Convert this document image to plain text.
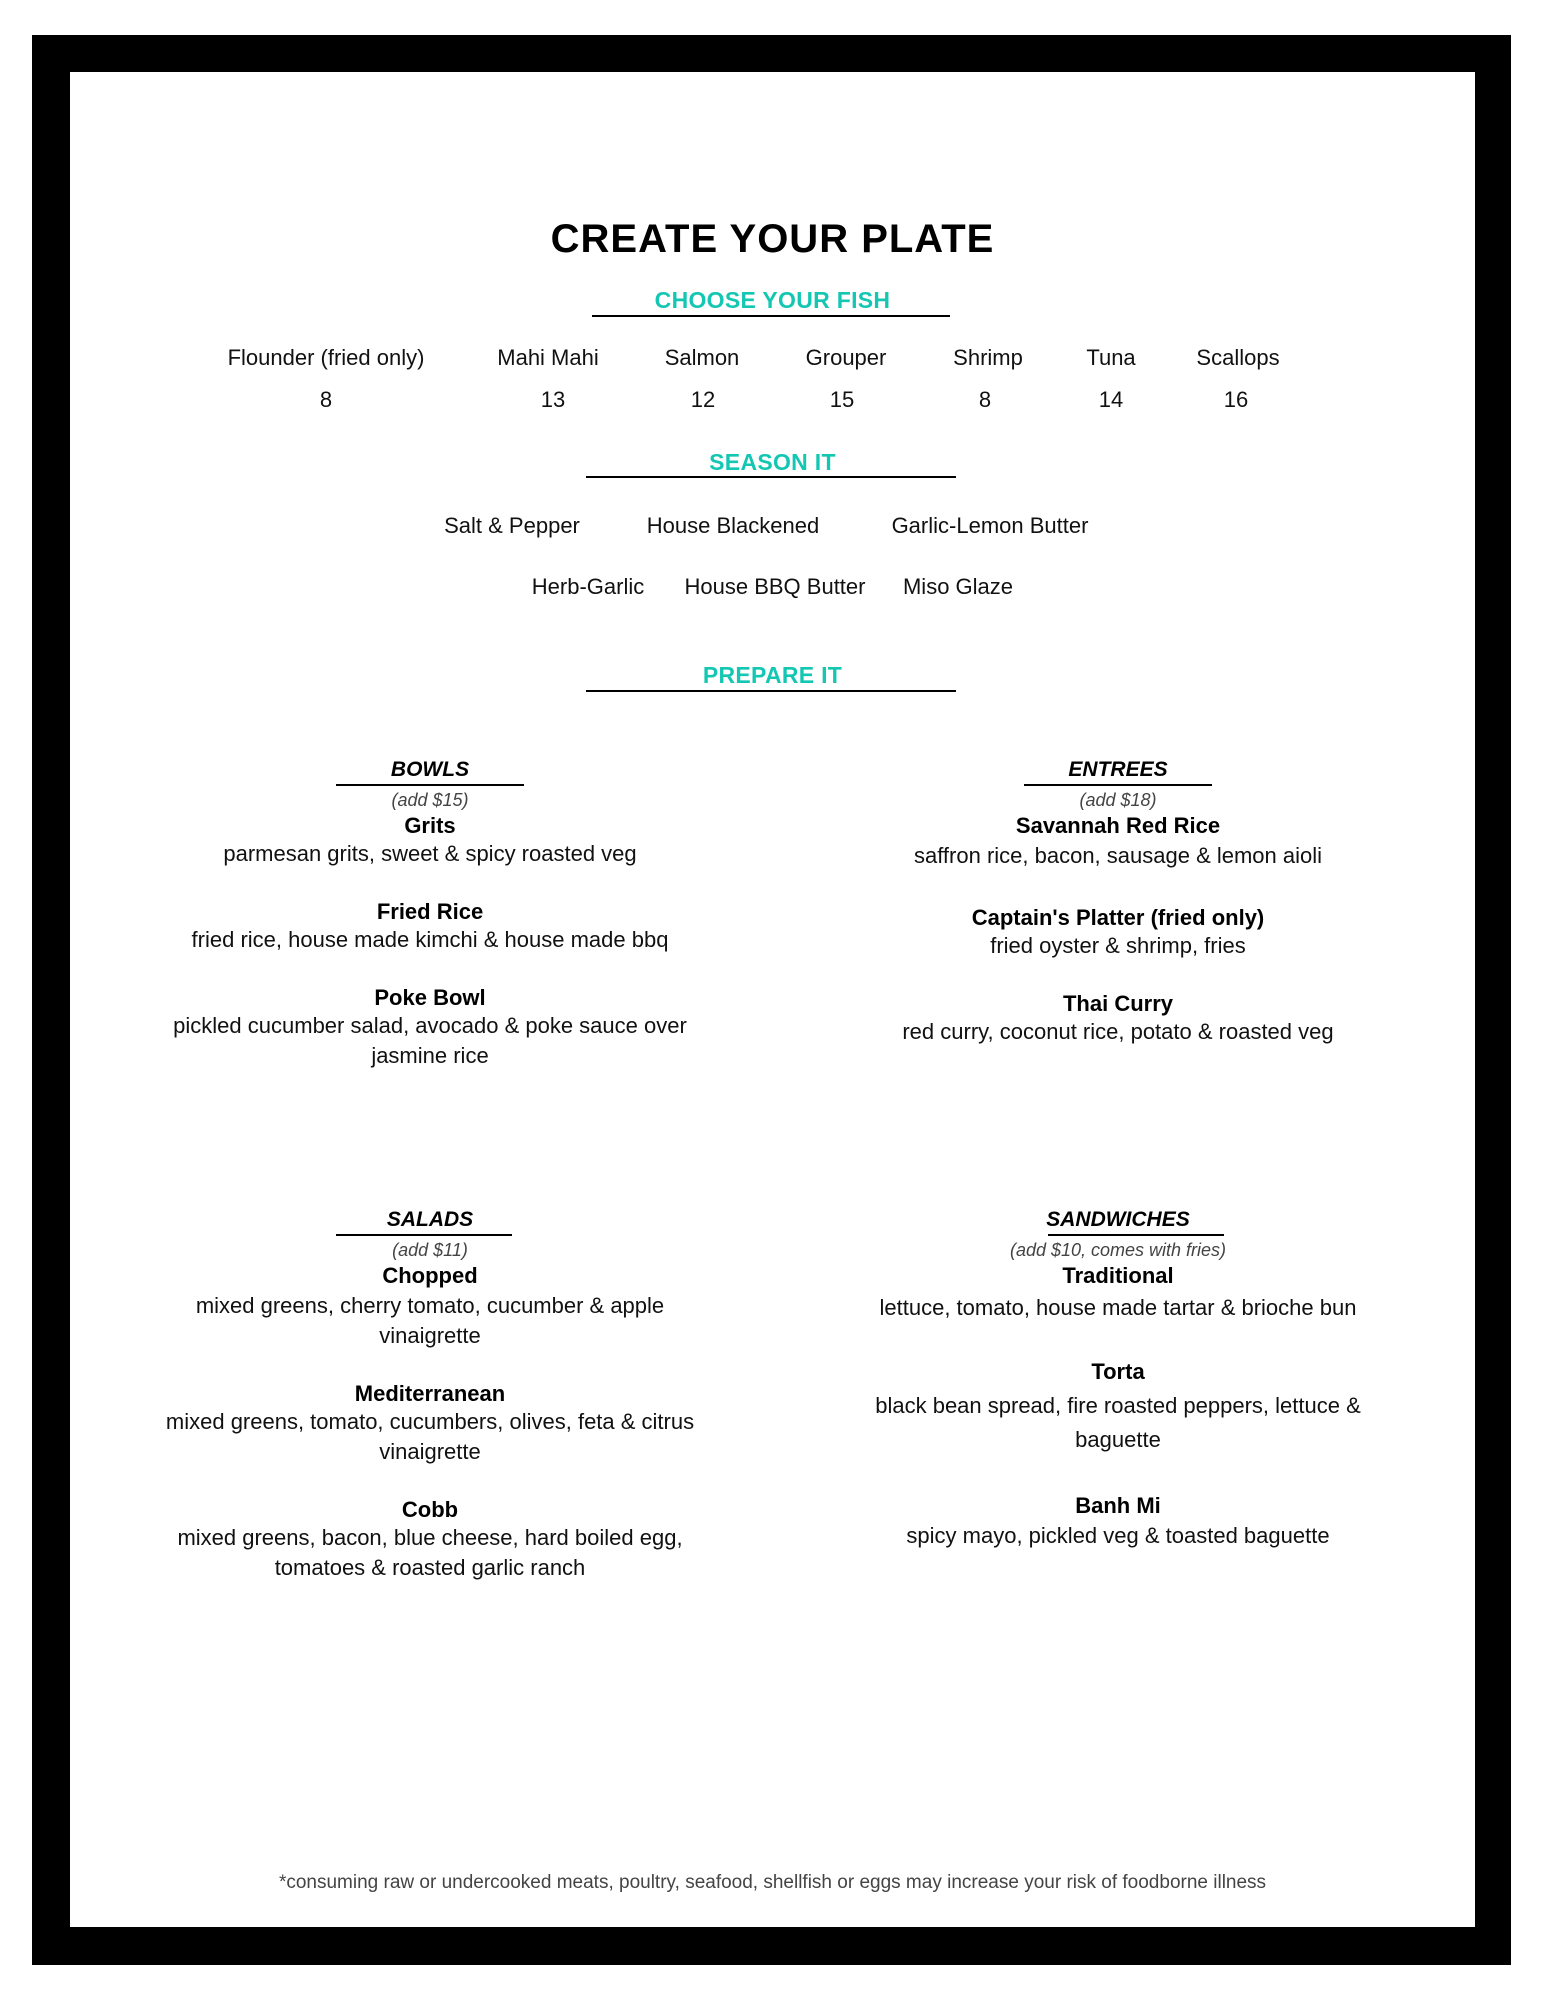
CREATE YOUR PLATE
CHOOSE YOUR FISH
Flounder (fried only)
8
Mahi Mahi
13
Salmon
12
Grouper
15
Shrimp
8
Tuna
14
Scallops
16
SEASON IT
Salt & Pepper	House Blackened	Garlic-Lemon Butter
Herb-Garlic House BBQ Butter Miso Glaze
PREPARE IT
BOWLS
(add $15)
Grits
parmesan grits, sweet & spicy roasted veg
Fried Rice
fried rice, house made kimchi & house made bbq
Poke Bowl
pickled cucumber salad, avocado & poke sauce over jasmine rice
ENTREES
(add $18)
Savannah Red Rice
saffron rice, bacon, sausage & lemon aioli
Captain's Platter (fried only)
fried oyster & shrimp, fries
Thai Curry
red curry, coconut rice, potato & roasted veg
SALADS
(add $11)
Chopped
mixed greens, cherry tomato, cucumber & apple vinaigrette
Mediterranean
mixed greens, tomato, cucumbers, olives, feta & citrus vinaigrette
Cobb
mixed greens, bacon, blue cheese, hard boiled egg, tomatoes & roasted garlic ranch
SANDWICHES
(add $10, comes with fries)
Traditional
lettuce, tomato, house made tartar & brioche bun
Torta
black bean spread, fire roasted peppers, lettuce & baguette
Banh Mi
spicy mayo, pickled veg & toasted baguette
*consuming raw or undercooked meats, poultry, seafood, shellfish or eggs may increase your risk of foodborne illness
